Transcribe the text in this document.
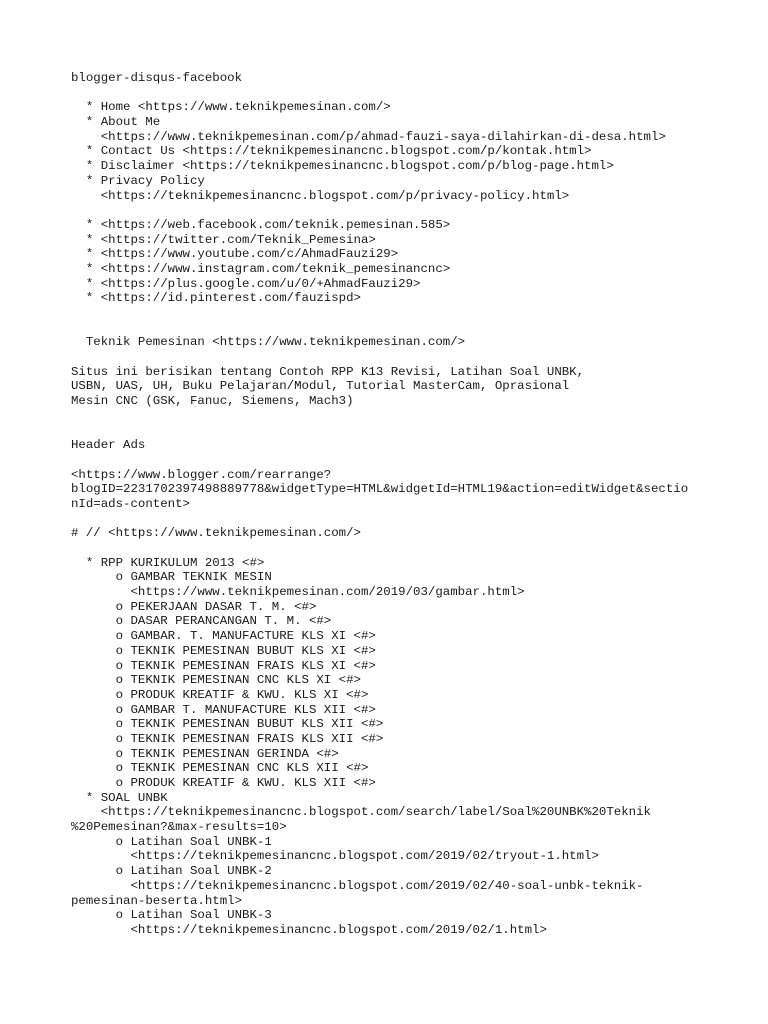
blogger-disqus-facebook
* Home <https://www.teknikpemesinan.com/>
* About Me
<https://www.teknikpemesinan.com/p/ahmad-fauzi-saya-dilahirkan-di-desa.html>
* Contact Us <https://teknikpemesinancnc.blogspot.com/p/kontak.html>
* Disclaimer <https://teknikpemesinancnc.blogspot.com/p/blog-page.html>
* Privacy Policy
<https://teknikpemesinancnc.blogspot.com/p/privacy-policy.html>
* <https://web.facebook.com/teknik.pemesinan.585>
* <https://twitter.com/Teknik_Pemesina>
* <https://www.youtube.com/c/AhmadFauzi29>
* <https://www.instagram.com/teknik_pemesinancnc>
* <https://plus.google.com/u/0/+AhmadFauzi29>
* <https://id.pinterest.com/fauzispd>
Teknik Pemesinan <https://www.teknikpemesinan.com/>
Situs ini berisikan tentang Contoh RPP K13 Revisi, Latihan Soal UNBK,
USBN, UAS, UH, Buku Pelajaran/Modul, Tutorial MasterCam, Oprasional
Mesin CNC (GSK, Fanuc, Siemens, Mach3)
Header Ads
<https://www.blogger.com/rearrange?
blogID=2231702397498889778&widgetType=HTML&widgetId=HTML19&action=editWidget&sectio
nId=ads-content>
# // <https://www.teknikpemesinan.com/>
* RPP KURIKULUM 2013 <#>
o GAMBAR TEKNIK MESIN
<https://www.teknikpemesinan.com/2019/03/gambar.html>
o PEKERJAAN DASAR T. M. <#>
o DASAR PERANCANGAN T. M. <#>
o GAMBAR. T. MANUFACTURE KLS XI <#>
o TEKNIK PEMESINAN BUBUT KLS XI <#>
o TEKNIK PEMESINAN FRAIS KLS XI <#>
o TEKNIK PEMESINAN CNC KLS XI <#>
o PRODUK KREATIF & KWU. KLS XI <#>
o GAMBAR T. MANUFACTURE KLS XII <#>
o TEKNIK PEMESINAN BUBUT KLS XII <#>
o TEKNIK PEMESINAN FRAIS KLS XII <#>
o TEKNIK PEMESINAN GERINDA <#>
o TEKNIK PEMESINAN CNC KLS XII <#>
o PRODUK KREATIF & KWU. KLS XII <#>
* SOAL UNBK
<https://teknikpemesinancnc.blogspot.com/search/label/Soal%20UNBK%20Teknik
%20Pemesinan?&max-results=10>
o Latihan Soal UNBK-1
<https://teknikpemesinancnc.blogspot.com/2019/02/tryout-1.html>
o Latihan Soal UNBK-2
<https://teknikpemesinancnc.blogspot.com/2019/02/40-soal-unbk-teknik-
pemesinan-beserta.html>
o Latihan Soal UNBK-3
<https://teknikpemesinancnc.blogspot.com/2019/02/1.html>
